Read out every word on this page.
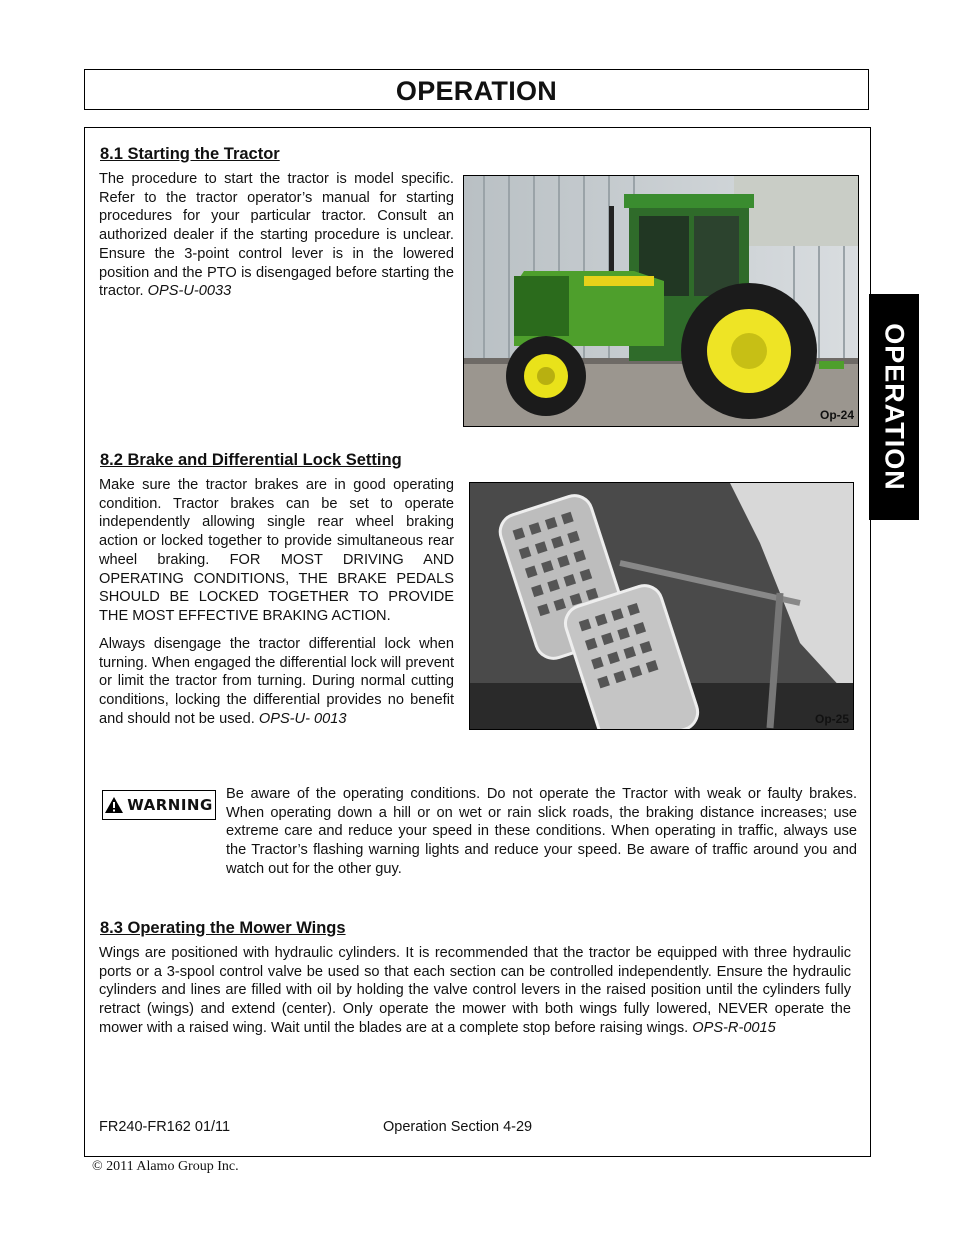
OPERATION
OPERATION
8.1 Starting the Tractor

The procedure to start the tractor is model specific. Refer to the tractor operator’s manual for starting procedures for your particular tractor. Consult an authorized dealer if the starting procedure is unclear. Ensure the 3-point control lever is in the lowered position and the PTO is disengaged before starting the tractor. OPS-U-0033

Op-24
8.2 Brake and Differential Lock Setting

Make sure the tractor brakes are in good operating condition. Tractor brakes can be set to operate independently allowing single rear wheel braking action or locked together to provide simultaneous rear wheel braking. FOR MOST DRIVING AND OPERATING CONDITIONS, THE BRAKE PEDALS SHOULD BE LOCKED TOGETHER TO PROVIDE THE MOST EFFECTIVE BRAKING ACTION.

Always disengage the tractor differential lock when turning. When engaged the differential lock will prevent or limit the tractor from turning. During normal cutting conditions, locking the differential provides no benefit and should not be used. OPS-U- 0013	Op-25
WARNING

Be aware of the operating conditions. Do not operate the Tractor with weak or faulty brakes. When operating down a hill or on wet or rain slick roads, the braking distance increases; use extreme care and reduce your speed in these conditions. When operating in traffic, always use the Tractor’s flashing warning lights and reduce your speed. Be aware of traffic around you and watch out for the other guy.

8.3 Operating the Mower Wings

Wings are positioned with hydraulic cylinders. It is recommended that the tractor be equipped with three hydraulic ports or a 3-spool control valve be used so that each section can be controlled independently. Ensure the hydraulic cylinders and lines are filled with oil by holding the valve control levers in the raised position until the cylinders fully retract (wings) and extend (center). Only operate the mower with both wings fully lowered, NEVER operate the mower with a raised wing. Wait until the blades are at a complete stop before raising wings. OPS-R-0015

FR240-FR162 01/11	Operation Section 4-29
© 2011 Alamo Group Inc.
